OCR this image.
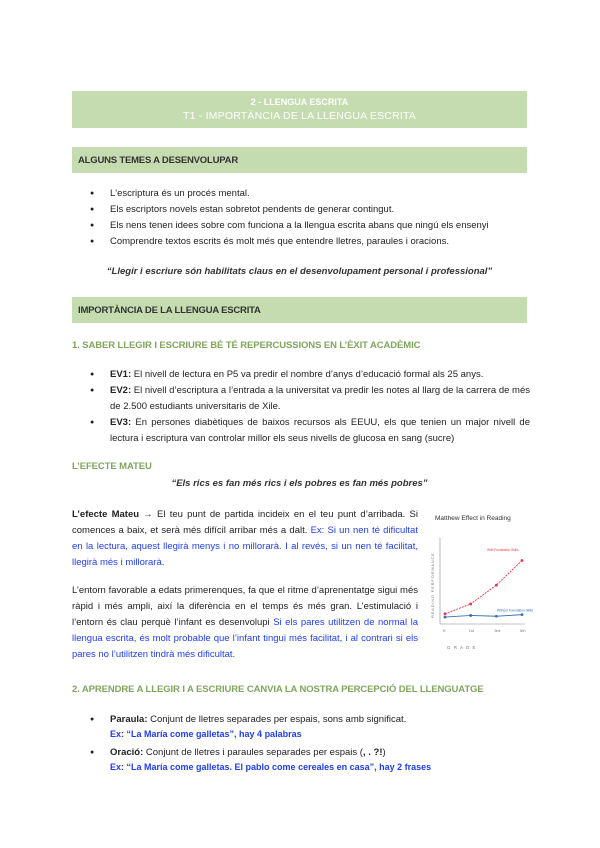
2 - LLENGUA ESCRITA
T1 - IMPORTÀNCIA DE LA LLENGUA ESCRITA
ALGUNS TEMES A DESENVOLUPAR
● L'escriptura és un procés mental.
● Els escriptors novels estan sobretot pendents de generar contingut.
● Els nens tenen idees sobre com funciona a la llengua escrita abans que ningú els ensenyi
● Comprendre textos escrits és molt més que entendre lletres, paraules i oracions.
“Llegir i escriure són habilitats claus en el desenvolupament personal i professional”
IMPORTÀNCIA DE LA LLENGUA ESCRITA
1. SABER LLEGIR I ESCRIURE BÉ TÉ REPERCUSSIONS EN L’ÈXIT ACADÈMIC
● EV1: El nivell de lectura en P5 va predir el nombre d’anys d’educació formal als 25 anys.
● EV2: El nivell d’escriptura a l’entrada a la universitat va predir les notes al llarg de la carrera de més de 2.500 estudiants universitaris de Xile.
● EV3: En persones diabètiques de baixos recursos als EEUU, els que tenien un major nivell de lectura i escriptura van controlar millor els seus nivells de glucosa en sang (sucre)
L’EFECTE MATEU
“Els rics es fan més rics i els pobres es fan més pobres”
L’efecte Mateu → El teu punt de partida incideix en el teu punt d’arribada. Si comences a baix, et serà més difícil arribar més a dalt. Ex: Si un nen té dificultat en la lectura, aquest llegirà menys i no millorarà. I al revés, si un nen té facilitat, llegirà més i millorarà.
L’entorn favorable a edats primerenques, fa que el ritme d’aprenentatge sigui més ràpid i més ampli, així la diferència en el temps és més gran. L’estimulació i l’entorn és clau perquè l’infant es desenvolupi Si els pares utilitzen de normal la llengua escrita, és molt probable que l’infant tingui més facilitat, i al contrari si els pares no l’utilitzen tindrà més dificultat.
Matthew Effect in Reading
READING PERFORMANCE
G R A D E
K	1st	3rd	5th
With Foundation Skills
Without Foundation Skills
2. APRENDRE A LLEGIR I A ESCRIURE CANVIA LA NOSTRA PERCEPCIÓ DEL LLENGUATGE
● Paraula: Conjunt de lletres separades per espais, sons amb significat.
Ex: “La María come galletas”, hay 4 palabras
● Oració: Conjunt de lletres i paraules separades per espais (, . ?!)
Ex: “La María come galletas. El pablo come cereales en casa”, hay 2 frases
